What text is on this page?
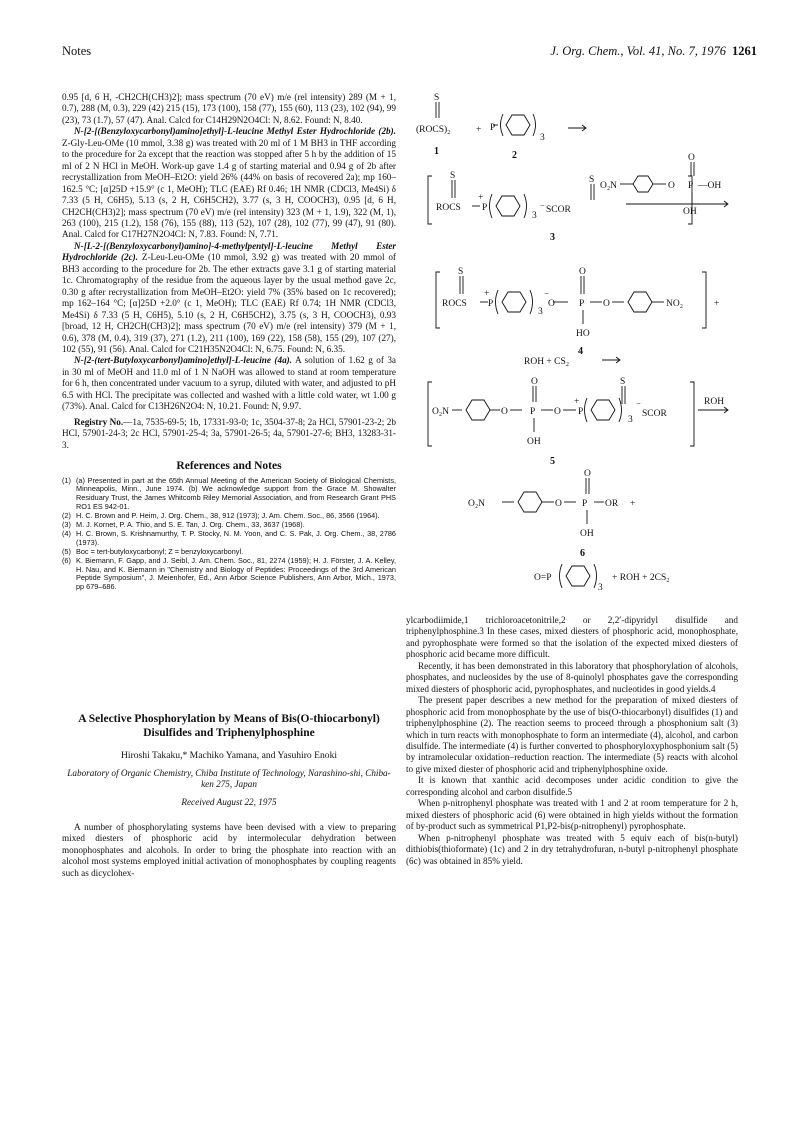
Notes	J. Org. Chem., Vol. 41, No. 7, 1976 1261

0.95 [d, 6 H, -CH2CH(CH3)2]; mass spectrum (70 eV) m/e (rel intensity) 289 (M + 1, 0.7), 288 (M, 0.3), 229 (42) 215 (15), 173 (100), 158 (77), 155 (60), 113 (23), 102 (94), 99 (23), 73 (1.7), 57 (47). Anal. Calcd for C14H29N2O4Cl: N, 8.62. Found: N, 8.40.

N-[2-[(Benzyloxycarbonyl)amino]ethyl]-L-leucine Methyl Ester Hydrochloride (2b). Z-Gly-Leu-OMe (10 mmol, 3.38 g) was treated with 20 ml of 1 M BH3 in THF according to the procedure for 2a except that the reaction was stopped after 5 h by the addition of 15 ml of 2 N HCl in MeOH. Work-up gave 1.4 g of starting material and 0.94 g of 2b after recrystallization from MeOH–Et2O: yield 26% (44% on basis of recovered 2a); mp 160–162.5 °C; [α]25D +15.9° (c 1, MeOH); TLC (EAE) Rf 0.46; 1H NMR (CDCl3, Me4Si) δ 7.33 (5 H, C6H5), 5.13 (s, 2 H, C6H5CH2), 3.77 (s, 3 H, COOCH3), 0.95 [d, 6 H, CH2CH(CH3)2]; mass spectrum (70 eV) m/e (rel intensity) 323 (M + 1, 1.9), 322 (M, 1), 263 (100), 215 (1.2), 158 (76), 155 (88), 113 (52), 107 (28), 102 (77), 99 (47), 91 (80). Anal. Calcd for C17H27N2O4Cl: N, 7.83. Found: N, 7.71.

N-[L-2-[(Benzyloxycarbonyl)amino]-4-methylpentyl]-L-leucine Methyl Ester Hydrochloride (2c). Z-Leu-Leu-OMe (10 mmol, 3.92 g) was treated with 20 mmol of BH3 according to the procedure for 2b. The ether extracts gave 3.1 g of starting material 1c. Chromatography of the residue from the aqueous layer by the usual method gave 2c, 0.30 g after recrystallization from MeOH–Et2O: yield 7% (35% based on 1c recovered); mp 162–164 °C; [α]25D +2.0° (c 1, MeOH); TLC (EAE) Rf 0.74; 1H NMR (CDCl3, Me4Si) δ 7.33 (5 H, C6H5), 5.10 (s, 2 H, C6H5CH2), 3.75 (s, 3 H, COOCH3), 0.93 [broad, 12 H, CH2CH(CH3)2]; mass spectrum (70 eV) m/e (rel intensity) 379 (M + 1, 0.6), 378 (M, 0.4), 319 (37), 271 (1.2), 211 (100), 169 (22), 158 (58), 155 (29), 107 (27), 102 (55), 91 (56). Anal. Calcd for C21H35N2O4Cl: N, 6.75. Found: N, 6.35.

N-[2-(tert-Butyloxycarbonyl)amino]ethyl]-L-leucine (4a). A solution of 1.62 g of 3a in 30 ml of MeOH and 11.0 ml of 1 N NaOH was allowed to stand at room temperature for 6 h, then concentrated under vacuum to a syrup, diluted with water, and adjusted to pH 6.5 with HCl. The precipitate was collected and washed with a little cold water, wt 1.00 g (73%). Anal. Calcd for C13H26N2O4: N, 10.21. Found: N, 9.97.

Registry No.—1a, 7535-69-5; 1b, 17331-93-0; 1c, 3504-37-8; 2a HCl, 57901-23-2; 2b HCl, 57901-24-3; 2c HCl, 57901-25-4; 3a, 57901-26-5; 4a, 57901-27-6; BH3, 13283-31-3.

References and Notes
(1) (a) Presented in part at the 65th Annual Meeting of the American Society of Biological Chemists, Minneapolis, Minn., June 1974. (b) We acknowledge support from the Grace M. Showalter Residuary Trust, the James Whitcomb Riley Memorial Association, and from Research Grant PHS RO1 ES 942-01.
(2) H. C. Brown and P. Heim, J. Org. Chem., 38, 912 (1973); J. Am. Chem. Soc., 86, 3566 (1964).
(3) M. J. Kornet, P. A. Thio, and S. E. Tan, J. Org. Chem., 33, 3637 (1968).
(4) H. C. Brown, S. Krishnamurthy, T. P. Stocky, N. M. Yoon, and C. S. Pak, J. Org. Chem., 38, 2786 (1973).
(5) Boc = tert-butyloxycarbonyl; Z = benzyloxycarbonyl.
(6) K. Biemann, F. Gapp, and J. Seibl, J. Am. Chem. Soc., 81, 2274 (1959); H. J. Förster, J. A. Kelley, H. Nau, and K. Biemann in "Chemistry and Biology of Peptides: Proceedings of the 3rd American Peptide Symposium", J. Meienhofer, Ed., Ann Arbor Science Publishers, Ann Arbor, Mich., 1973, pp 679–686.
A Selective Phosphorylation by Means of Bis(O-thiocarbonyl) Disulfides and Triphenylphosphine
Hiroshi Takaku,* Machiko Yamana, and Yasuhiro Enoki
Laboratory of Organic Chemistry, Chiba Institute of Technology, Narashino-shi, Chiba-ken 275, Japan
Received August 22, 1975

A number of phosphorylating systems have been devised with a view to preparing mixed diesters of phosphoric acid by intermolecular dehydration between monophosphates and alcohols. In order to bring the phosphate into reaction with an alcohol most systems employed initial activation of monophosphates by coupling reagents such as dicyclohex-

S
(ROCS)₂	+ P
3
1	2
S
ROCS
+
P
3
S
⁻ SCOR
3
O₂N	O
O
P —OH
OH
S
ROCS
+
P
3
⁻
O
O
P O
HO
NO₂	+
4
ROH + CS₂
O	S
O₂N	O P O
+
P
3
⁻
SCOR
OH
ROH
5
O
O₂N	O P OR +
OH
6
O=P
3
+ ROH + 2CS₂

ylcarbodiimide,1 trichloroacetonitrile,2 or 2,2′-dipyridyl disulfide and triphenylphosphine.3 In these cases, mixed diesters of phosphoric acid, monophosphate, and pyrophosphate were formed so that the isolation of the expected mixed diesters of phosphoric acid became more difficult.

Recently, it has been demonstrated in this laboratory that phosphorylation of alcohols, phosphates, and nucleosides by the use of 8-quinolyl phosphates gave the corresponding mixed diesters of phosphoric acid, pyrophosphates, and nucleotides in good yields.4

The present paper describes a new method for the preparation of mixed diesters of phosphoric acid from monophosphate by the use of bis(O-thiocarbonyl) disulfides (1) and triphenylphosphine (2). The reaction seems to proceed through a phosphonium salt (3) which in turn reacts with monophosphate to form an intermediate (4), alcohol, and carbon disulfide. The intermediate (4) is further converted to phosphoryloxyphosphonium salt (5) by intramolecular oxidation–reduction reaction. The intermediate (5) reacts with alcohol to give mixed diester of phosphoric acid and triphenylphosphine oxide.

It is known that xanthic acid decomposes under acidic condition to give the corresponding alcohol and carbon disulfide.5

When p-nitrophenyl phosphate was treated with 1 and 2 at room temperature for 2 h, mixed diesters of phosphoric acid (6) were obtained in high yields without the formation of by-product such as symmetrical P1,P2-bis(p-nitrophenyl) pyrophosphate.

When p-nitrophenyl phosphate was treated with 5 equiv each of bis(n-butyl) dithiobis(thioformate) (1c) and 2 in dry tetrahydrofuran, n-butyl p-nitrophenyl phosphate (6c) was obtained in 85% yield.
